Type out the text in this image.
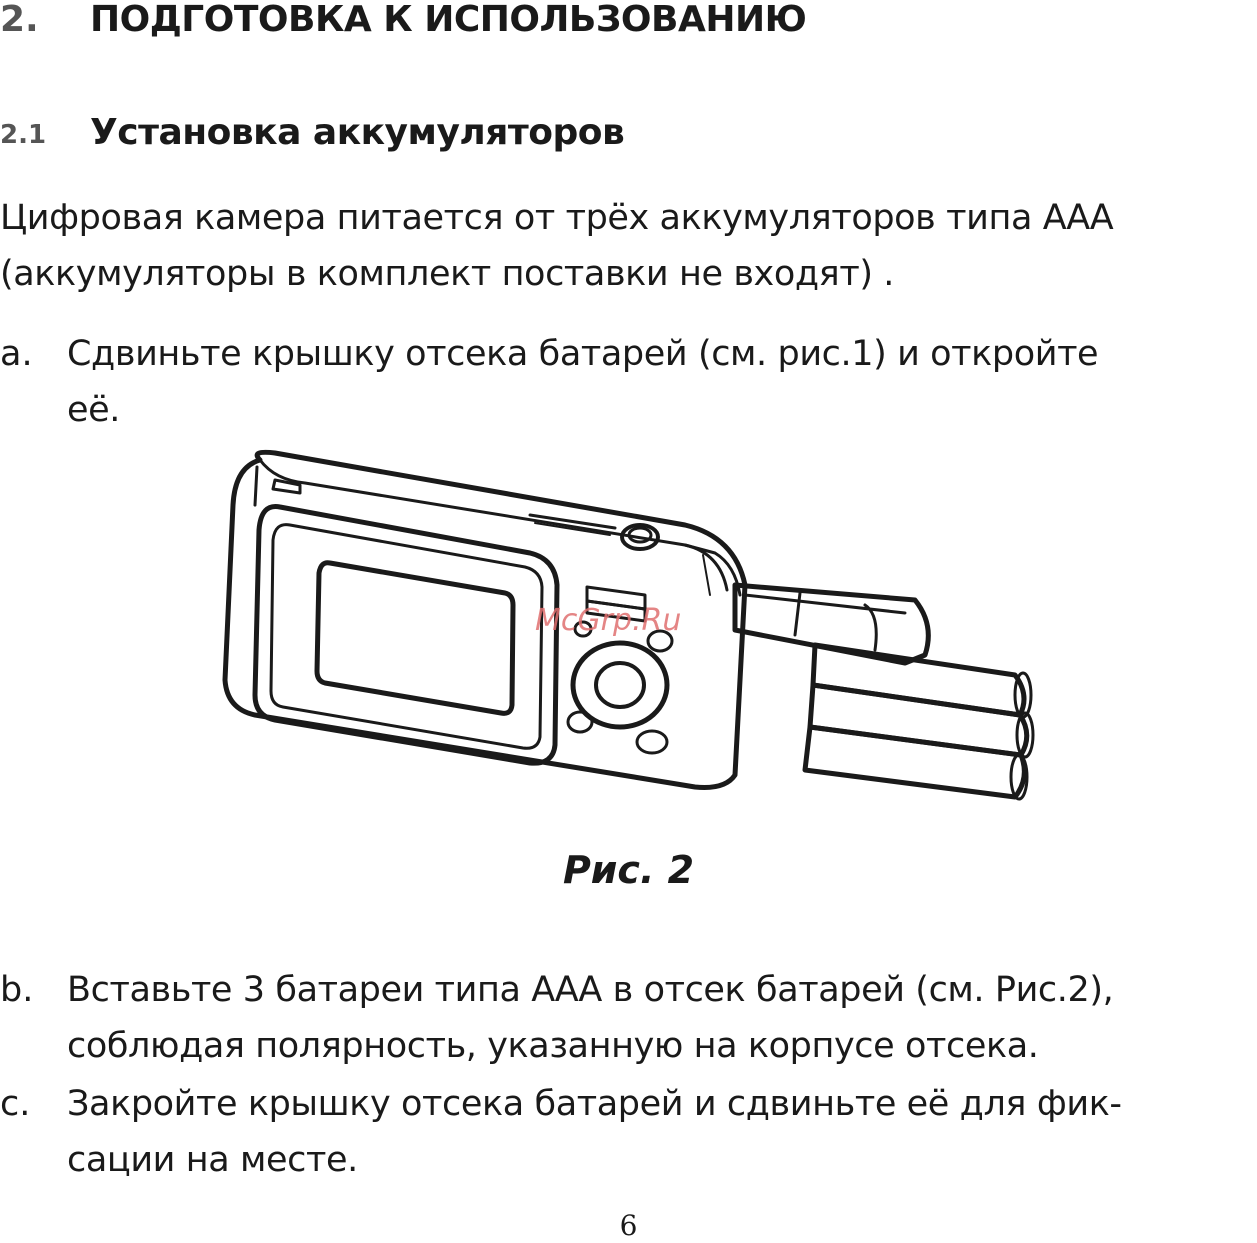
2. ПОДГОТОВКА К ИСПОЛЬЗОВАНИЮ
2.1 Установка аккумуляторов
Цифровая камера питается от трёх аккумуляторов типа ААА
(аккумуляторы в комплект поставки не входят) .
a. Сдвиньте крышку отсека батарей (см. рис.1) и откройте
её.
McGrp.Ru
Рис. 2
b. Вставьте 3 батареи типа ААА в отсек батарей (см. Рис.2),
соблюдая полярность, указанную на корпусе отсека.
c. Закройте крышку отсека батарей и сдвиньте её для фик-
сации на месте.
6
